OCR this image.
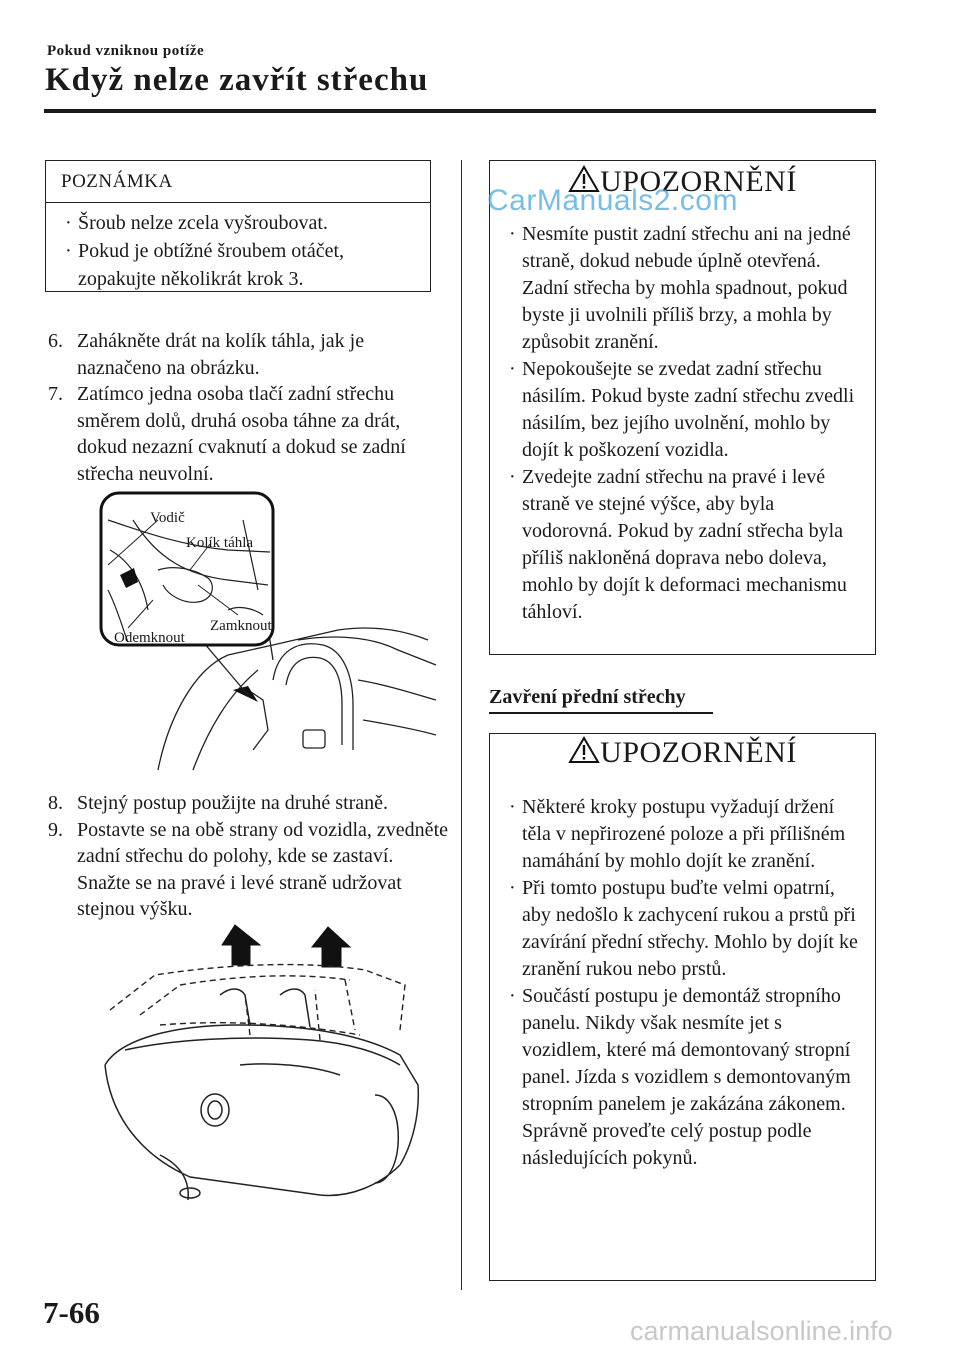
Pokud vzniknou potíže
Když nelze zavřít střechu
POZNÁMKA
· Šroub nelze zcela vyšroubovat.
· Pokud je obtížné šroubem otáčet, zopakujte několikrát krok 3.
6. Zahákněte drát na kolík táhla, jak je naznačeno na obrázku.
7. Zatímco jedna osoba tlačí zadní střechu směrem dolů, druhá osoba táhne za drát, dokud nezazní cvaknutí a dokud se zadní střecha neuvolní.
Vodič
Kolík táhla
Zamknout
Odemknout
8. Stejný postup použijte na druhé straně.
9. Postavte se na obě strany od vozidla, zvedněte zadní střechu do polohy, kde se zastaví. Snažte se na pravé i levé straně udržovat stejnou výšku.
UPOZORNĚNÍ
· Nesmíte pustit zadní střechu ani na jedné straně, dokud nebude úplně otevřená. Zadní střecha by mohla spadnout, pokud byste ji uvolnili příliš brzy, a mohla by způsobit zranění.
· Nepokoušejte se zvedat zadní střechu násilím. Pokud byste zadní střechu zvedli násilím, bez jejího uvolnění, mohlo by dojít k poškození vozidla.
· Zvedejte zadní střechu na pravé i levé straně ve stejné výšce, aby byla vodorovná. Pokud by zadní střecha byla příliš nakloněná doprava nebo doleva, mohlo by dojít k deformaci mechanismu táhloví.
CarManuals2.com
Zavření přední střechy
UPOZORNĚNÍ
· Některé kroky postupu vyžadují držení těla v nepřirozené poloze a při přílišném namáhání by mohlo dojít ke zranění.
· Při tomto postupu buďte velmi opatrní, aby nedošlo k zachycení rukou a prstů při zavírání přední střechy. Mohlo by dojít ke zranění rukou nebo prstů.
· Součástí postupu je demontáž stropního panelu. Nikdy však nesmíte jet s vozidlem, které má demontovaný stropní panel. Jízda s vozidlem s demontovaným stropním panelem je zakázána zákonem. Správně proveďte celý postup podle následujících pokynů.
7-66
carmanualsonline.info
